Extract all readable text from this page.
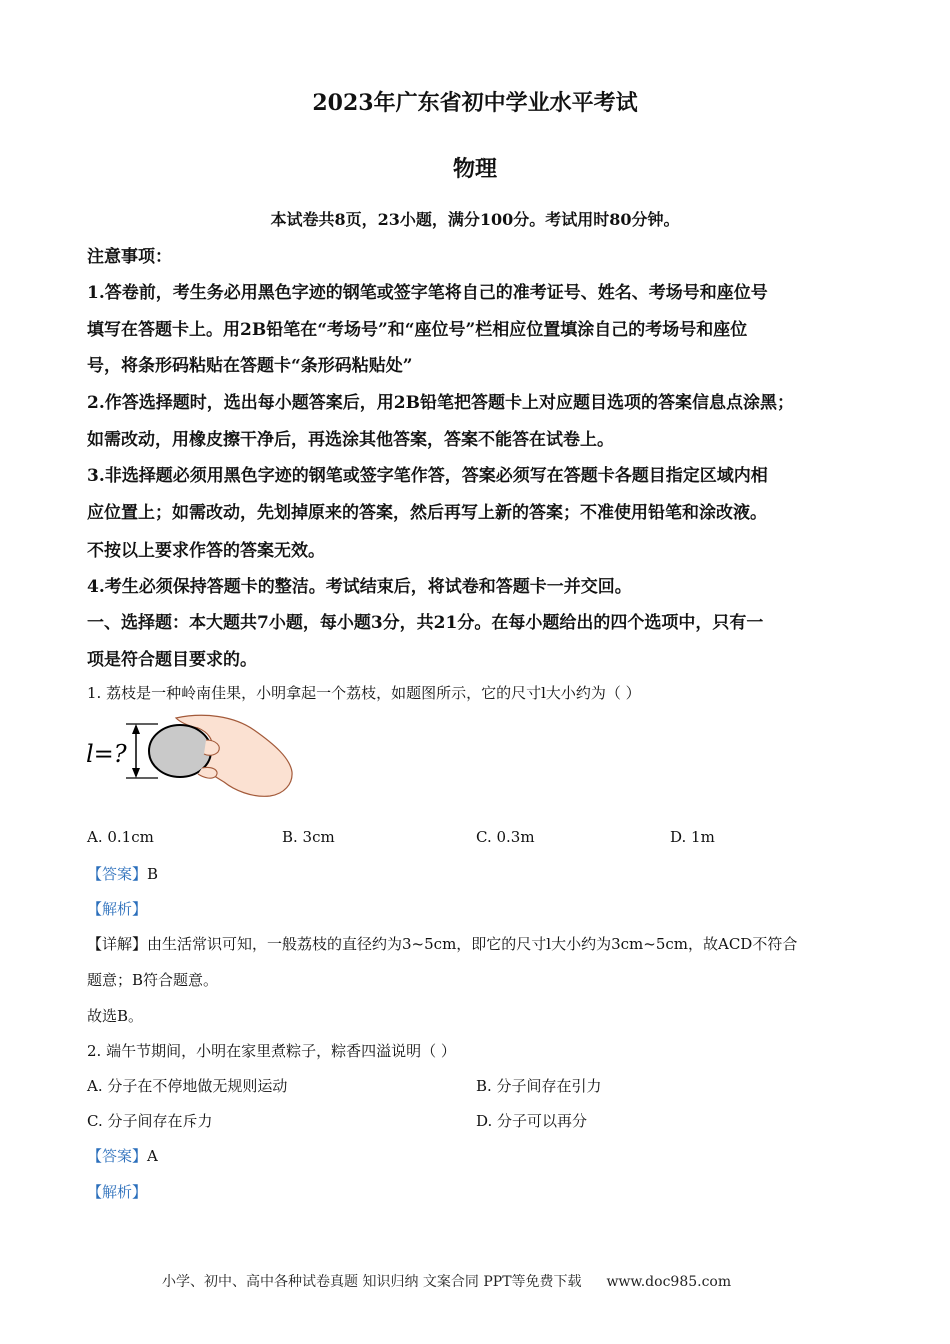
2023年广东省初中学业水平考试
物理
本试卷共8页，23小题，满分100分。考试用时80分钟。
注意事项：
1.答卷前，考生务必用黑色字迹的钢笔或签字笔将自己的准考证号、姓名、考场号和座位号
填写在答题卡上。用2B铅笔在“考场号”和“座位号”栏相应位置填涂自己的考场号和座位
号，将条形码粘贴在答题卡“条形码粘贴处”
2.作答选择题时，选出每小题答案后，用2B铅笔把答题卡上对应题目选项的答案信息点涂黑；
如需改动，用橡皮擦干净后，再选涂其他答案，答案不能答在试卷上。
3.非选择题必须用黑色字迹的钢笔或签字笔作答，答案必须写在答题卡各题目指定区域内相
应位置上；如需改动，先划掉原来的答案，然后再写上新的答案；不准使用铅笔和涂改液。
不按以上要求作答的答案无效。
4.考生必须保持答题卡的整洁。考试结束后，将试卷和答题卡一并交回。
一、选择题：本大题共7小题，每小题3分，共21分。在每小题给出的四个选项中，只有一
项是符合题目要求的。
1. 荔枝是一种岭南佳果，小明拿起一个荔枝，如题图所示，它的尺寸l大小约为（ ）
l=?
A. 0.1cm	B. 3cm	C. 0.3m	D. 1m
【答案】B
【解析】
【详解】由生活常识可知，一般荔枝的直径约为3~5cm，即它的尺寸l大小约为3cm~5cm，故ACD不符合
题意；B符合题意。
故选B。
2. 端午节期间，小明在家里煮粽子，粽香四溢说明（ ）
A. 分子在不停地做无规则运动	B. 分子间存在引力
C. 分子间存在斥力	D. 分子可以再分
【答案】A
【解析】
小学、初中、高中各种试卷真题 知识归纳 文案合同 PPT等免费下载 www.doc985.com
